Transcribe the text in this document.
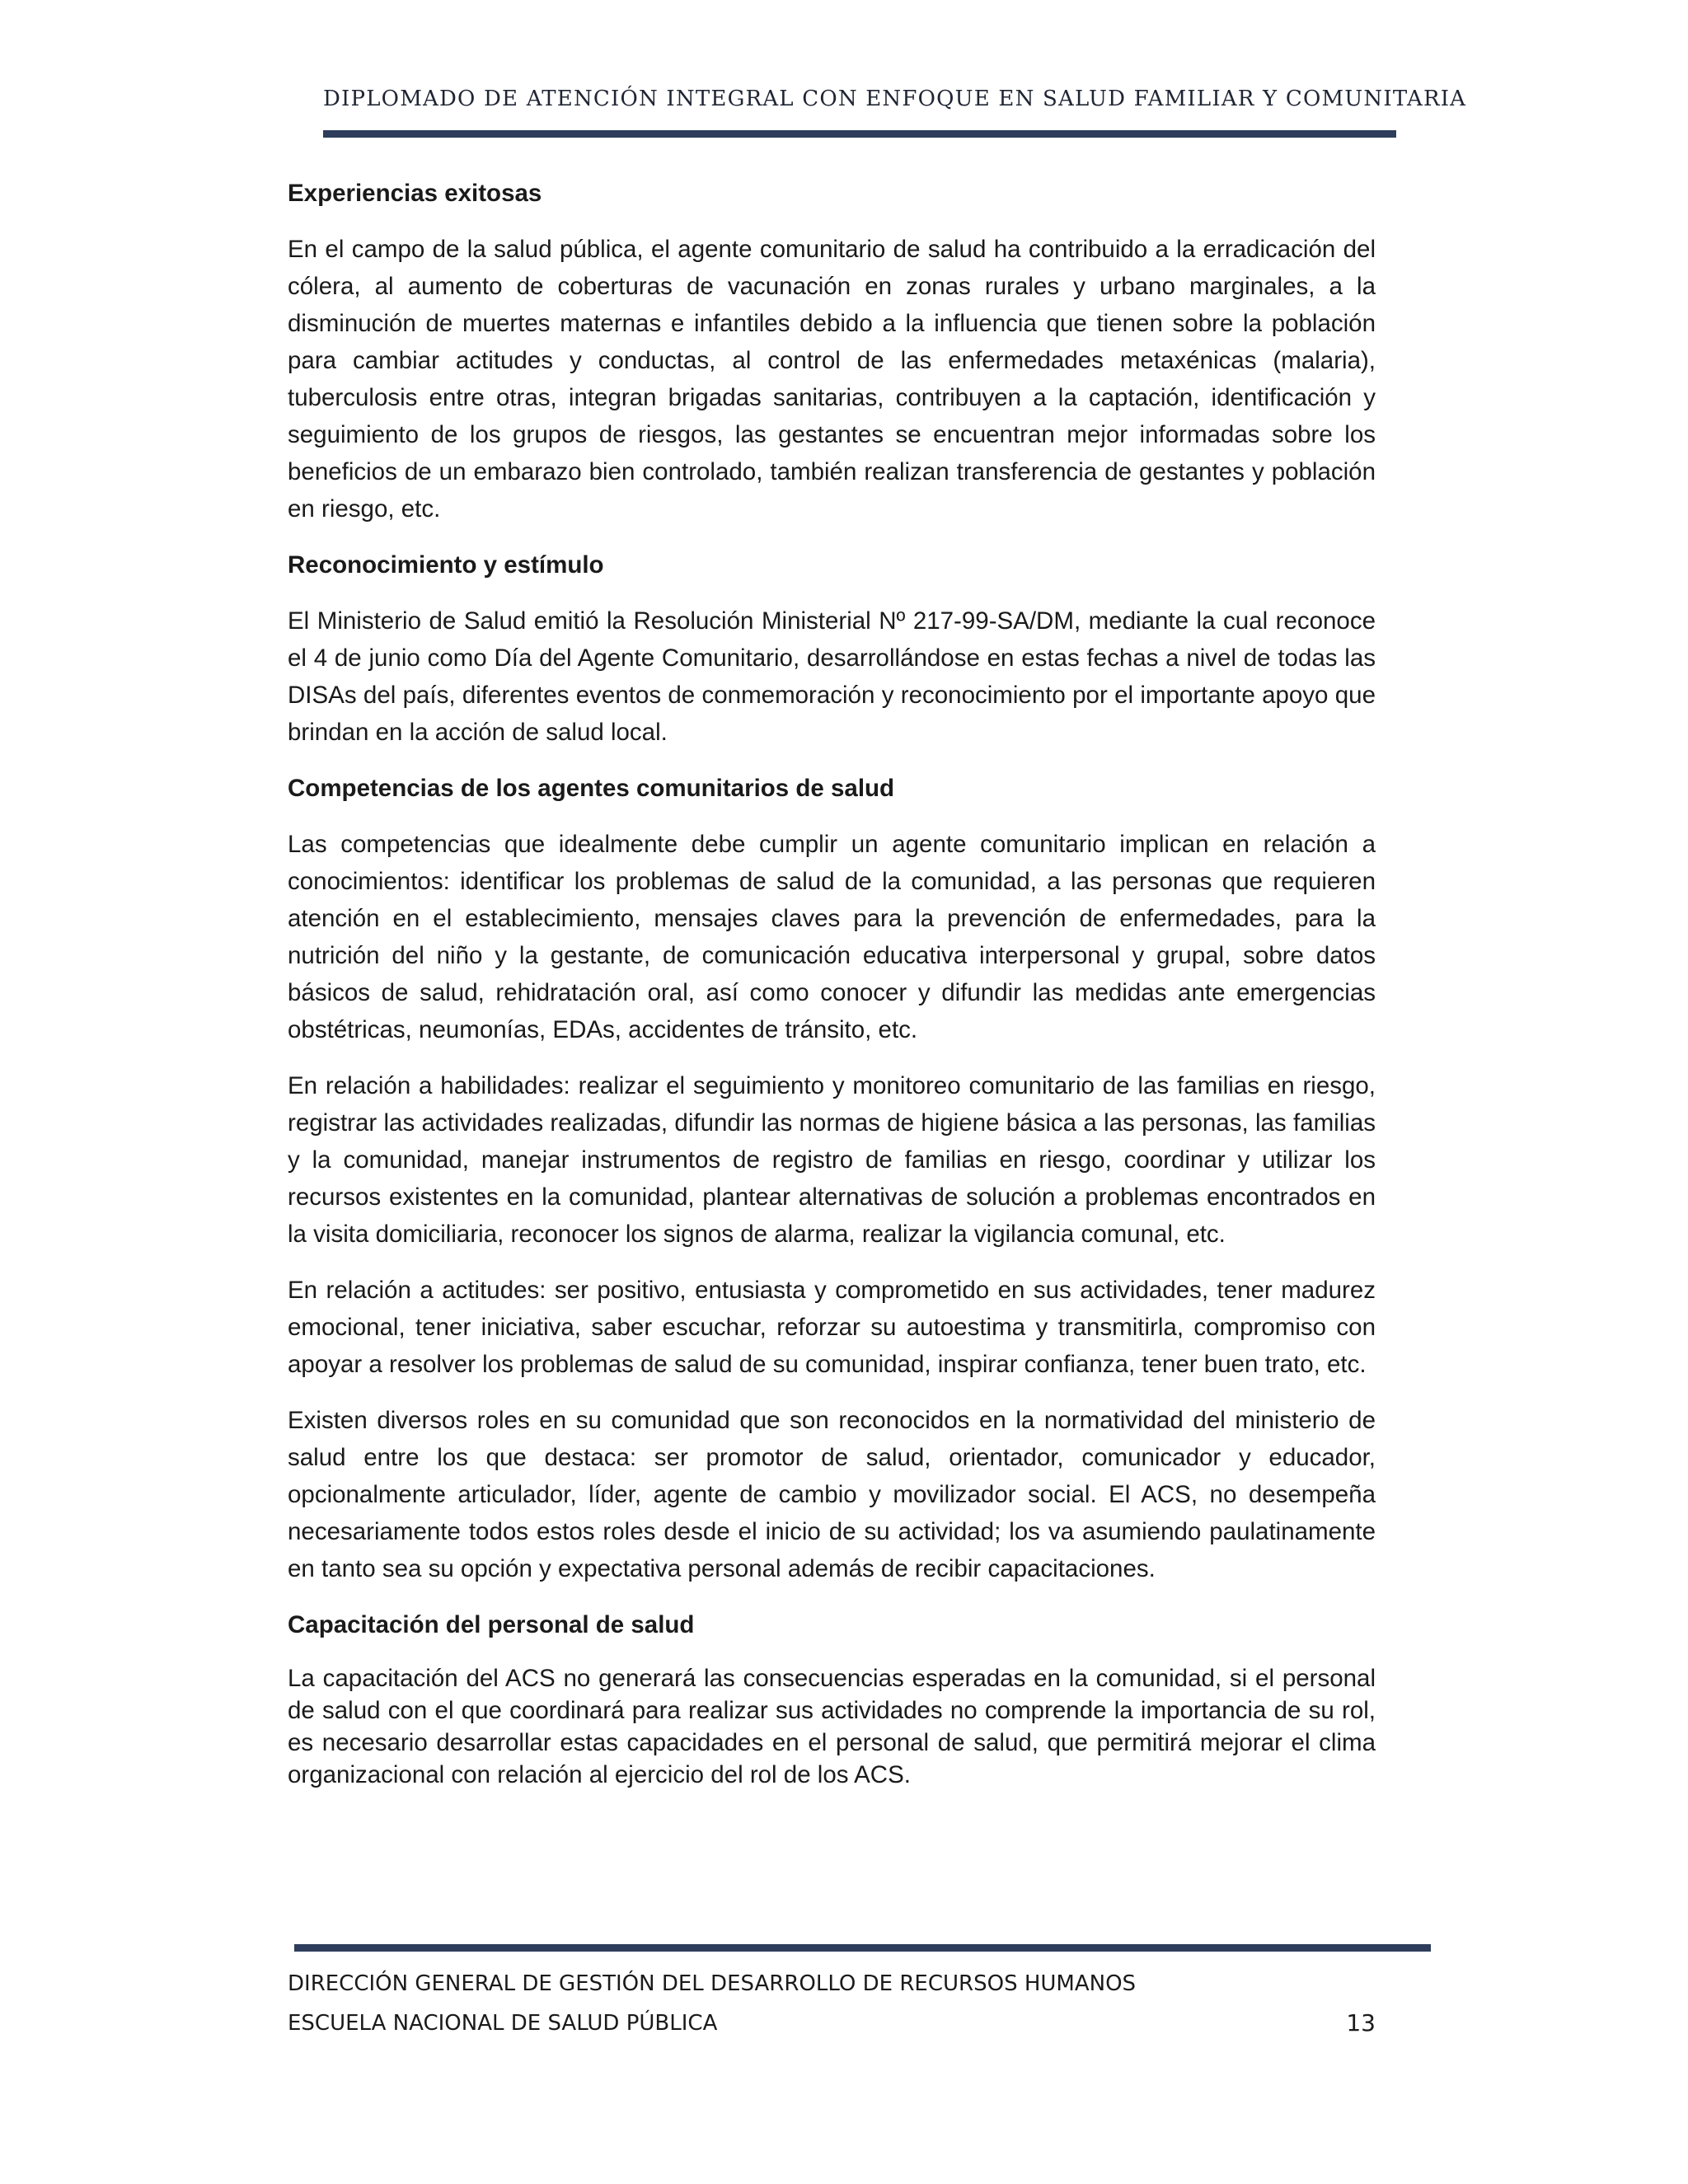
DIPLOMADO DE ATENCIÓN INTEGRAL CON ENFOQUE EN SALUD FAMILIAR Y COMUNITARIA
Experiencias exitosas
En el campo de la salud pública, el agente comunitario de salud ha contribuido a la erradicación del cólera, al aumento de coberturas de vacunación en zonas rurales y urbano marginales, a la disminución de muertes maternas e infantiles debido a la influencia que tienen sobre la población para cambiar actitudes y conductas, al control de las enfermedades metaxénicas (malaria), tuberculosis entre otras, integran brigadas sanitarias, contribuyen a la captación, identificación y seguimiento de los grupos de riesgos, las gestantes se encuentran mejor informadas sobre los beneficios de un embarazo bien controlado, también realizan transferencia de gestantes y población en riesgo, etc.
Reconocimiento y estímulo
El Ministerio de Salud emitió la Resolución Ministerial Nº 217-99-SA/DM, mediante la cual reconoce el 4 de junio como Día del Agente Comunitario, desarrollándose en estas fechas a nivel de todas las DISAs del país, diferentes eventos de conmemoración y reconocimiento por el importante apoyo que brindan en la acción de salud local.
Competencias de los agentes comunitarios de salud
Las competencias que idealmente debe cumplir un agente comunitario implican en relación a conocimientos: identificar los problemas de salud de la comunidad, a las personas que requieren atención en el establecimiento, mensajes claves para la prevención de enfermedades, para la nutrición del niño y la gestante, de comunicación educativa interpersonal y grupal, sobre datos básicos de salud, rehidratación oral, así como conocer y difundir las medidas ante emergencias obstétricas, neumonías, EDAs, accidentes de tránsito, etc.
En relación a habilidades: realizar el seguimiento y monitoreo comunitario de las familias en riesgo, registrar las actividades realizadas, difundir las normas de higiene básica a las personas, las familias y la comunidad, manejar instrumentos de registro de familias en riesgo, coordinar y utilizar los recursos existentes en la comunidad, plantear alternativas de solución a problemas encontrados en la visita domiciliaria, reconocer los signos de alarma, realizar la vigilancia comunal, etc.
En relación a actitudes: ser positivo, entusiasta y comprometido en sus actividades, tener madurez emocional, tener iniciativa, saber escuchar, reforzar su autoestima y transmitirla, compromiso con apoyar a resolver los problemas de salud de su comunidad, inspirar confianza, tener buen trato, etc.
Existen diversos roles en su comunidad que son reconocidos en la normatividad del ministerio de salud entre los que destaca: ser promotor de salud, orientador, comunicador y educador, opcionalmente articulador, líder, agente de cambio y movilizador social. El ACS, no desempeña necesariamente todos estos roles desde el inicio de su actividad; los va asumiendo paulatinamente en tanto sea su opción y expectativa personal además de recibir capacitaciones.
Capacitación del personal de salud
La capacitación del ACS no generará las consecuencias esperadas en la comunidad, si el personal de salud con el que coordinará para realizar sus actividades no comprende la importancia de su rol, es necesario desarrollar estas capacidades en el personal de salud, que permitirá mejorar el clima organizacional con relación al ejercicio del rol de los ACS.
DIRECCIÓN GENERAL DE GESTIÓN DEL DESARROLLO DE RECURSOS HUMANOS
ESCUELA NACIONAL DE SALUD PÚBLICA	13
